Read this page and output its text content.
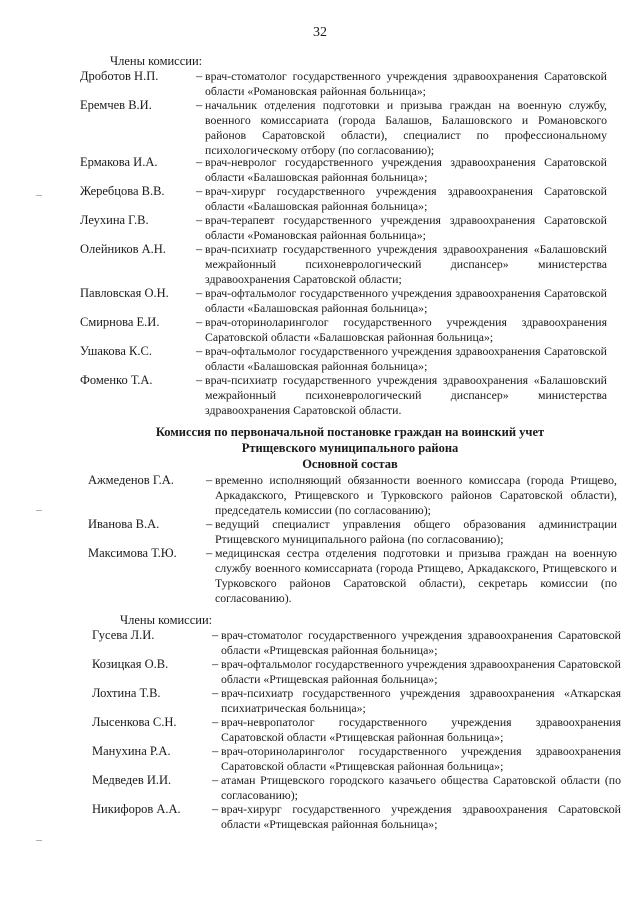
32
Члены комиссии:
Дроботов Н.П.	– врач-стоматолог государственного учреждения здравоохранения Саратовской области «Романовская районная больница»;
Еремчев В.И.	– начальник отделения подготовки и призыва граждан на военную службу, военного комиссариата (города Балашов, Балашовского и Романовского районов Саратовской области), специалист по профессиональному психологическому отбору (по согласованию);
Ермакова И.А.	– врач-невролог государственного учреждения здравоохранения Саратовской области «Балашовская районная больница»;
Жеребцова В.В.	– врач-хирург государственного учреждения здравоохранения Саратовской области «Балашовская районная больница»;
Леухина Г.В.	– врач-терапевт государственного учреждения здравоохранения Саратовской области «Романовская районная больница»;
Олейников А.Н. – врач-психиатр государственного учреждения здравоохранения «Балашовский межрайонный психоневрологический диспансер» министерства здравоохранения Саратовской области;
Павловская О.Н. – врач-офтальмолог государственного учреждения здравоохранения Саратовской области «Балашовская районная больница»;
Смирнова Е.И.	– врач-оториноларинголог государственного учреждения здравоохранения Саратовской области «Балашовская районная больница»;
Ушакова К.С.	– врач-офтальмолог государственного учреждения здравоохранения Саратовской области «Балашовская районная больница»;
Фоменко Т.А.	– врач-психиатр государственного учреждения здравоохранения «Балашовский межрайонный психоневрологический диспансер» министерства здравоохранения Саратовской области.
Комиссия по первоначальной постановке граждан на воинский учет
Ртищевского муниципального района
Основной состав
Ажмеденов Г.А.	– временно исполняющий обязанности военного комиссара (города Ртищево, Аркадакского, Ртищевского и Турковского районов Саратовской области), председатель комиссии (по согласованию);
Иванова В.А.	– ведущий специалист управления общего образования администрации Ртищевского муниципального района (по согласованию);
Максимова Т.Ю. – медицинская сестра отделения подготовки и призыва граждан на военную службу военного комиссариата (города Ртищево, Аркадакского, Ртищевского и Турковского районов Саратовской области), секретарь комиссии (по согласованию).
Члены комиссии:
Гусева Л.И.	– врач-стоматолог государственного учреждения здравоохранения Саратовской области «Ртищевская районная больница»;
Козицкая О.В.	– врач-офтальмолог государственного учреждения здравоохранения Саратовской области «Ртищевская районная больница»;
Лохтина Т.В.	– врач-психиатр государственного учреждения здравоохранения «Аткарская психиатрическая больница»;
Лысенкова С.Н.	– врач-невропатолог государственного учреждения здравоохранения Саратовской области «Ртищевская районная больница»;
Манухина Р.А.	– врач-оториноларинголог государственного учреждения здравоохранения Саратовской области «Ртищевская районная больница»;
Медведев И.И.	– атаман Ртищевского городского казачьего общества Саратовской области (по согласованию);
Никифоров А.А.	– врач-хирург государственного учреждения здравоохранения Саратовской области «Ртищевская районная больница»;
